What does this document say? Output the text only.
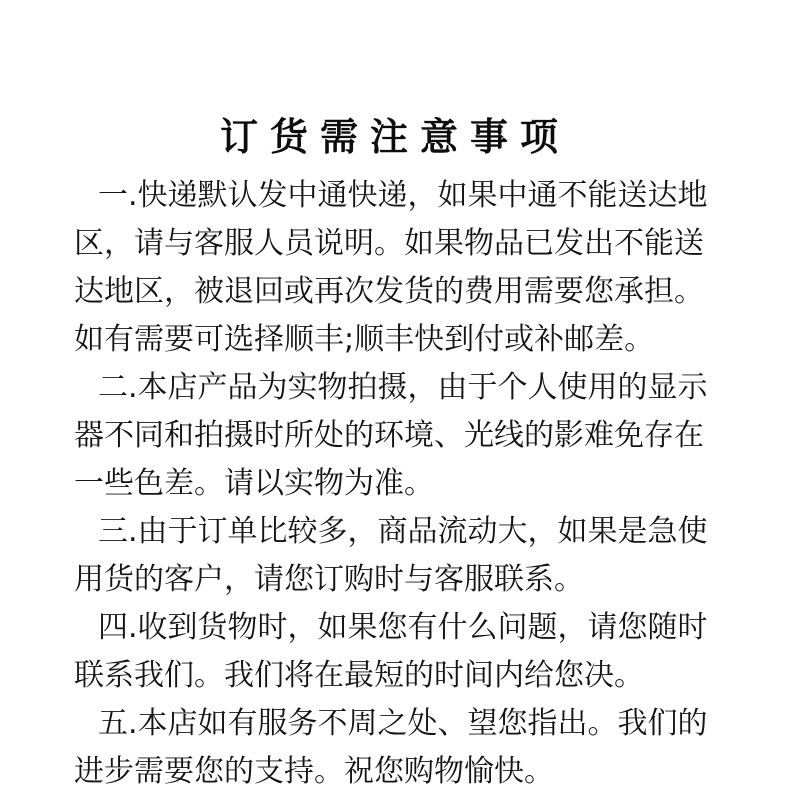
订货需注意事项

一.快递默认发中通快递，如果中通不能送达地区，请与客服人员说明。如果物品已发出不能送达地区，被退回或再次发货的费用需要您承担。如有需要可选择顺丰;顺丰快到付或补邮差。

二.本店产品为实物拍摄，由于个人使用的显示器不同和拍摄时所处的环境、光线的影难免存在一些色差。请以实物为准。

三.由于订单比较多，商品流动大，如果是急使用货的客户，请您订购时与客服联系。

四.收到货物时，如果您有什么问题，请您随时联系我们。我们将在最短的时间内给您决。

五.本店如有服务不周之处、望您指出。我们的进步需要您的支持。祝您购物愉快。
